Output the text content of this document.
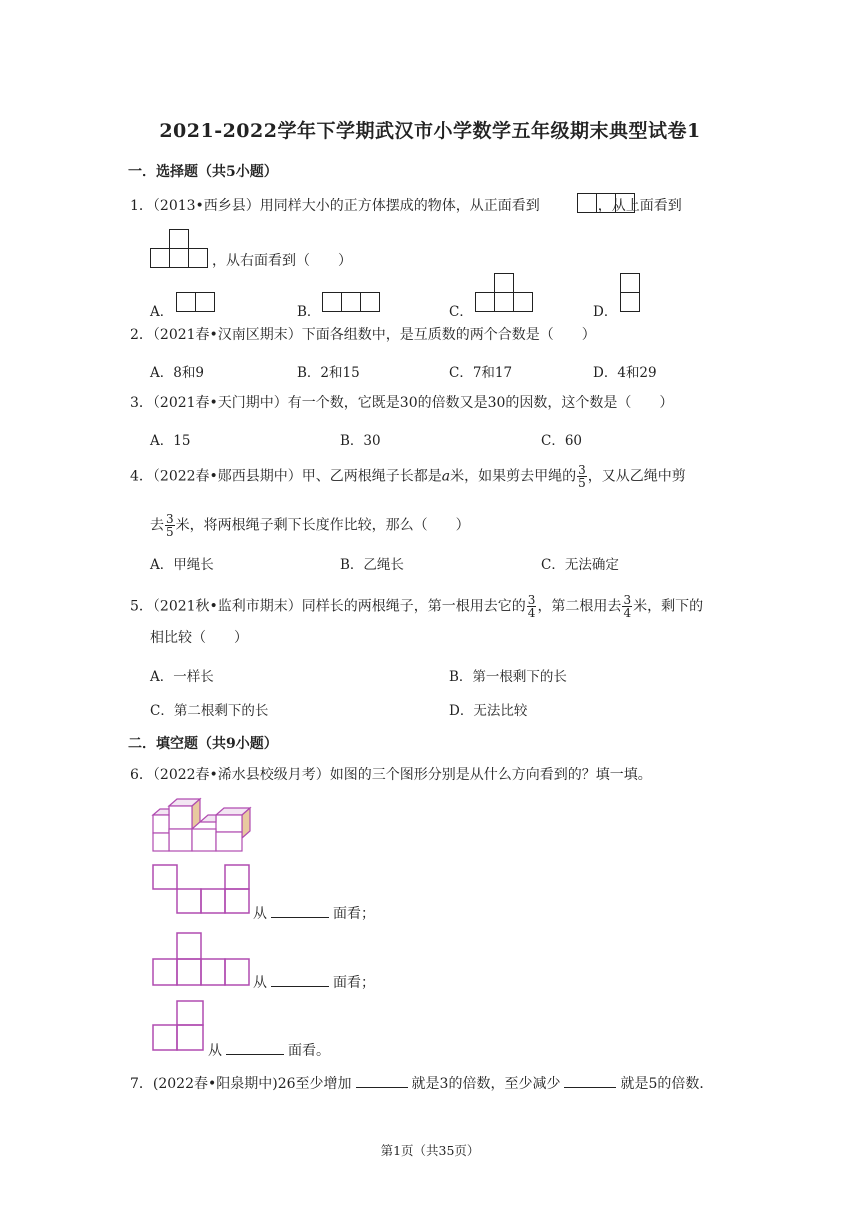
2021-2022学年下学期武汉市小学数学五年级期末典型试卷1
一．选择题（共5小题）
1．（2013•西乡县）用同样大小的正方体摆成的物体，从正面看到	，从上面看到
，从右面看到（　　）
A．	B．	C．	D．
2．（2021春•汉南区期末）下面各组数中，是互质数的两个合数是（　　）
A．8和9	B．2和15	C．7和17	D．4和29
3．（2021春•天门期中）有一个数，它既是30的倍数又是30的因数，这个数是（　　）
A．15	B．30	C．60
4．（2022春•郧西县期中）甲、乙两根绳子长都是a米，如果剪去甲绳的 $\frac{3}{5}$ ，又从乙绳中剪
去 $\frac{3}{5}$ 米，将两根绳子剩下长度作比较，那么（　　）
A．甲绳长	B．乙绳长	C．无法确定
5．（2021秋•监利市期末）同样长的两根绳子，第一根用去它的 $\frac{3}{4}$ ，第二根用去 $\frac{3}{4}$ 米，剩下的
相比较（　　）
A．一样长	B．第一根剩下的长
C．第二根剩下的长	D．无法比较
二．填空题（共9小题）
6．（2022春•浠水县校级月考）如图的三个图形分别是从什么方向看到的？填一填。
从	面看；
从	面看；
从	面看。
7．(2022春•阳泉期中)26至少增加	就是3的倍数，至少减少	就是5的倍数．
第1页（共35页）
